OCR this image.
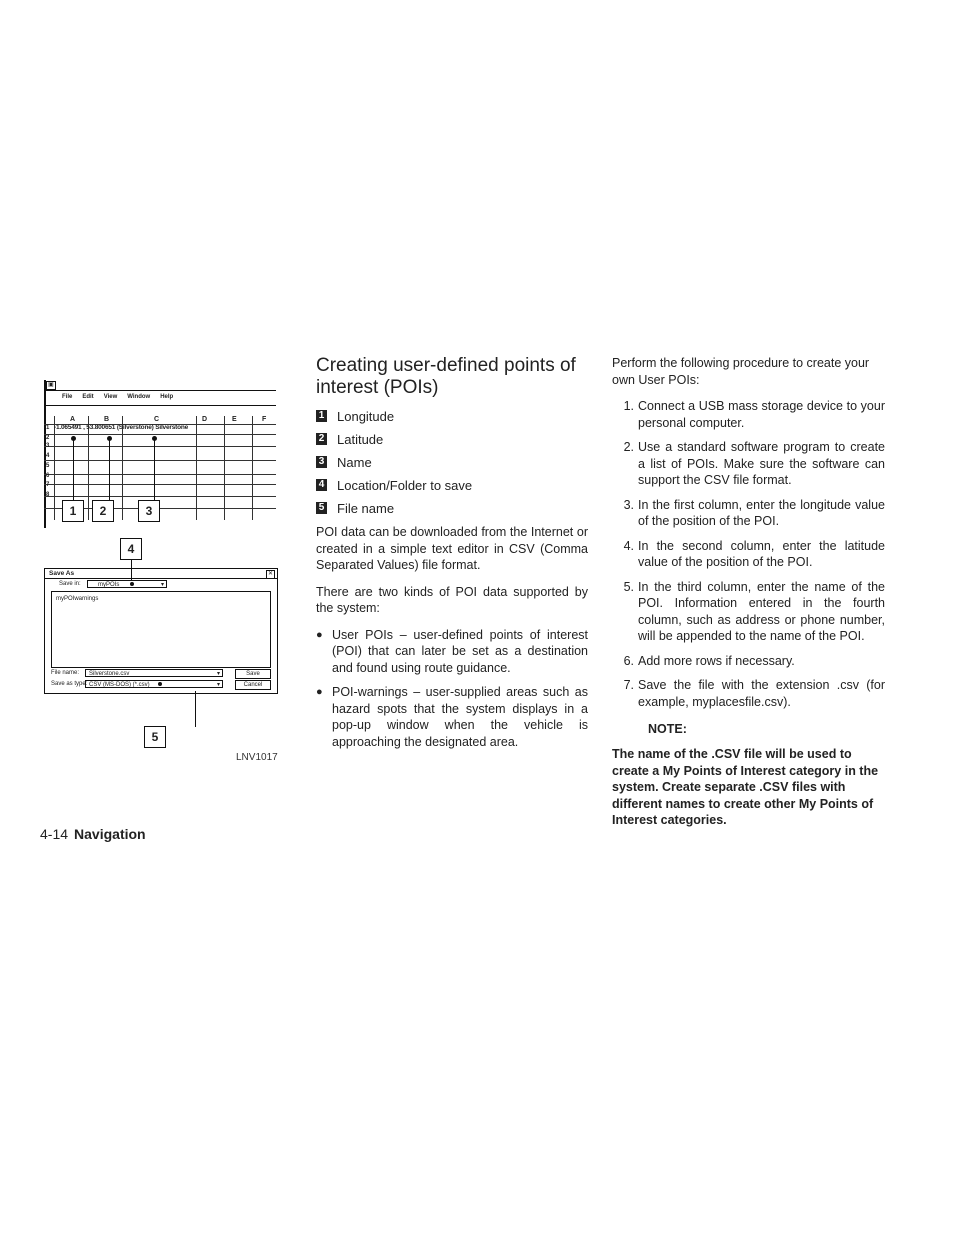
▣
File Edit View Window Help
A	B	C	D	E	F
1
2
3
4
5
6
7
8
-1.065491 , 53.800651 (Silverstone) Silverstone
1	2	3
4
Save As	✕
Save in:	myPOIs	▾
myPOIwarnings
File name:	Silverstone.csv	▾	Save
Save as type: CSV (MS-DOS) (*.csv)	▾	Cancel
5
LNV1017
Creating user-defined points of interest (POIs)
1 Longitude
2 Latitude
3 Name
4 Location/Folder to save
5 File name

POI data can be downloaded from the Internet or created in a simple text editor in CSV (Comma Separated Values) file format.

There are two kinds of POI data supported by the system:

● User POIs – user-defined points of interest (POI) that can later be set as a destination and found using route guidance.
● POI-warnings – user-supplied areas such as hazard spots that the system displays in a pop-up window when the vehicle is approaching the designated area.

Perform the following procedure to create your own User POIs:

1. Connect a USB mass storage device to your personal computer.
2. Use a standard software program to create a list of POIs. Make sure the software can support the CSV file format.
3. In the first column, enter the longitude value of the position of the POI.
4. In the second column, enter the latitude value of the position of the POI.
5. In the third column, enter the name of the POI. Information entered in the fourth column, such as address or phone number, will be appended to the name of the POI.
6. Add more rows if necessary.
7. Save the file with the extension .csv (for example, myplacesfile.csv).
NOTE:

The name of the .CSV file will be used to create a My Points of Interest category in the system. Create separate .CSV files with different names to create other My Points of Interest categories.

4-14 Navigation
